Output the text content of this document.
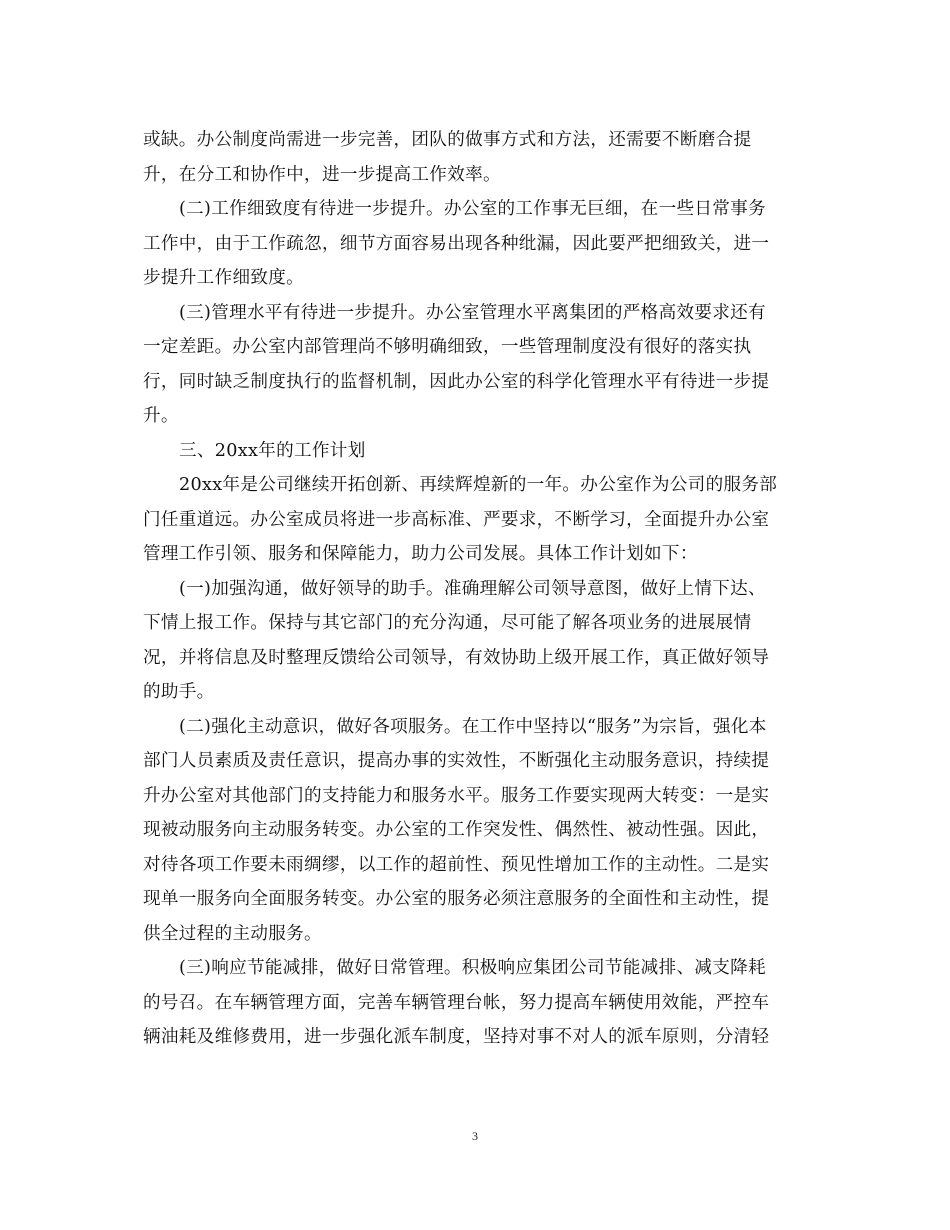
或缺。办公制度尚需进一步完善，团队的做事方式和方法，还需要不断磨合提
升，在分工和协作中，进一步提高工作效率。
(二)工作细致度有待进一步提升。办公室的工作事无巨细，在一些日常事务
工作中，由于工作疏忽，细节方面容易出现各种纰漏，因此要严把细致关，进一
步提升工作细致度。
(三)管理水平有待进一步提升。办公室管理水平离集团的严格高效要求还有
一定差距。办公室内部管理尚不够明确细致，一些管理制度没有很好的落实执
行，同时缺乏制度执行的监督机制，因此办公室的科学化管理水平有待进一步提
升。
三、20xx年的工作计划
20xx年是公司继续开拓创新、再续辉煌新的一年。办公室作为公司的服务部
门任重道远。办公室成员将进一步高标准、严要求，不断学习，全面提升办公室
管理工作引领、服务和保障能力，助力公司发展。具体工作计划如下：
(一)加强沟通，做好领导的助手。准确理解公司领导意图，做好上情下达、
下情上报工作。保持与其它部门的充分沟通，尽可能了解各项业务的进展展情
况，并将信息及时整理反馈给公司领导，有效协助上级开展工作，真正做好领导
的助手。
(二)强化主动意识，做好各项服务。在工作中坚持以“服务”为宗旨，强化本
部门人员素质及责任意识，提高办事的实效性，不断强化主动服务意识，持续提
升办公室对其他部门的支持能力和服务水平。服务工作要实现两大转变：一是实
现被动服务向主动服务转变。办公室的工作突发性、偶然性、被动性强。因此，
对待各项工作要未雨绸缪，以工作的超前性、预见性增加工作的主动性。二是实
现单一服务向全面服务转变。办公室的服务必须注意服务的全面性和主动性，提
供全过程的主动服务。
(三)响应节能减排，做好日常管理。积极响应集团公司节能减排、减支降耗
的号召。在车辆管理方面，完善车辆管理台帐，努力提高车辆使用效能，严控车
辆油耗及维修费用，进一步强化派车制度，坚持对事不对人的派车原则，分清轻

3
